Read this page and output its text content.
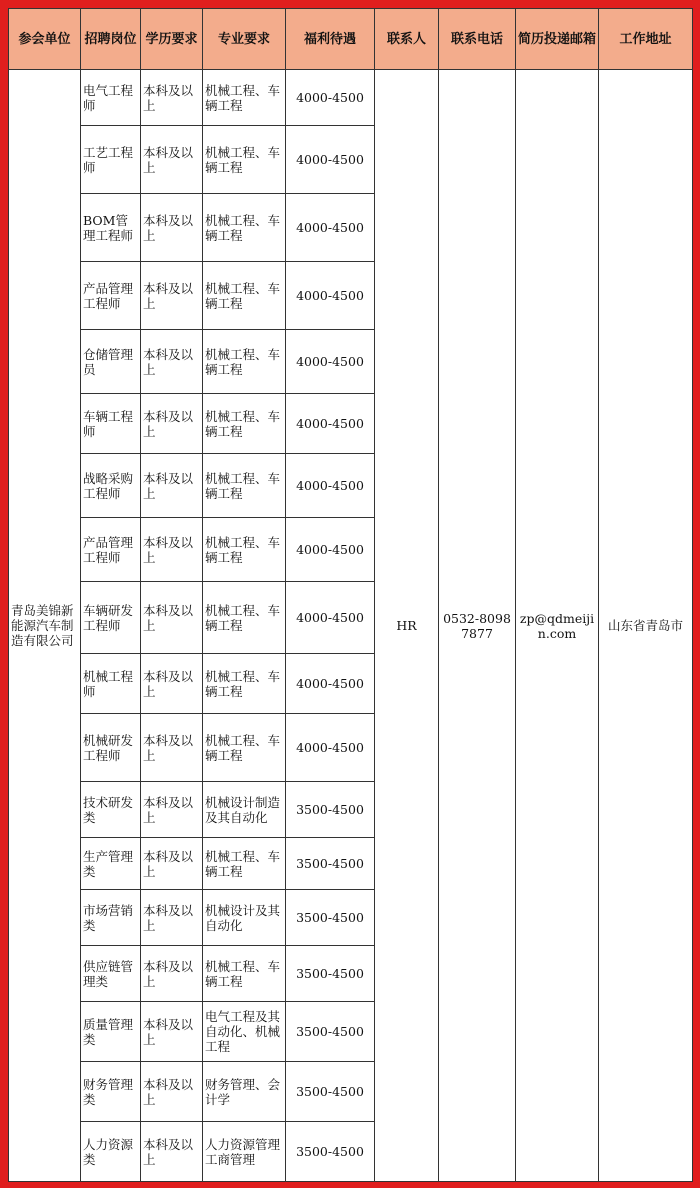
参会单位	招聘岗位	学历要求	专业要求	福利待遇	联系人	联系电话	简历投递邮箱	工作地址
青岛美锦新能源汽车制造有限公司	电气工程师	本科及以上	机械工程、车辆工程	4000-4500	HR	0532-80987877	zp@qdmeijin.com	山东省青岛市
	工艺工程师	本科及以上	机械工程、车辆工程	4000-4500				
	BOM管理工程师	本科及以上	机械工程、车辆工程	4000-4500				
	产品管理工程师	本科及以上	机械工程、车辆工程	4000-4500				
	仓储管理员	本科及以上	机械工程、车辆工程	4000-4500				
	车辆工程师	本科及以上	机械工程、车辆工程	4000-4500				
	战略采购工程师	本科及以上	机械工程、车辆工程	4000-4500				
	产品管理工程师	本科及以上	机械工程、车辆工程	4000-4500				
	车辆研发工程师	本科及以上	机械工程、车辆工程	4000-4500				
	机械工程师	本科及以上	机械工程、车辆工程	4000-4500				
	机械研发工程师	本科及以上	机械工程、车辆工程	4000-4500				
	技术研发类	本科及以上	机械设计制造及其自动化	3500-4500				
	生产管理类	本科及以上	机械工程、车辆工程	3500-4500				
	市场营销类	本科及以上	机械设计及其自动化	3500-4500				
	供应链管理类	本科及以上	机械工程、车辆工程	3500-4500				
	质量管理类	本科及以上	电气工程及其自动化、机械工程	3500-4500				
	财务管理类	本科及以上	财务管理、会计学	3500-4500				
	人力资源类	本科及以上	人力资源管理工商管理	3500-4500				
